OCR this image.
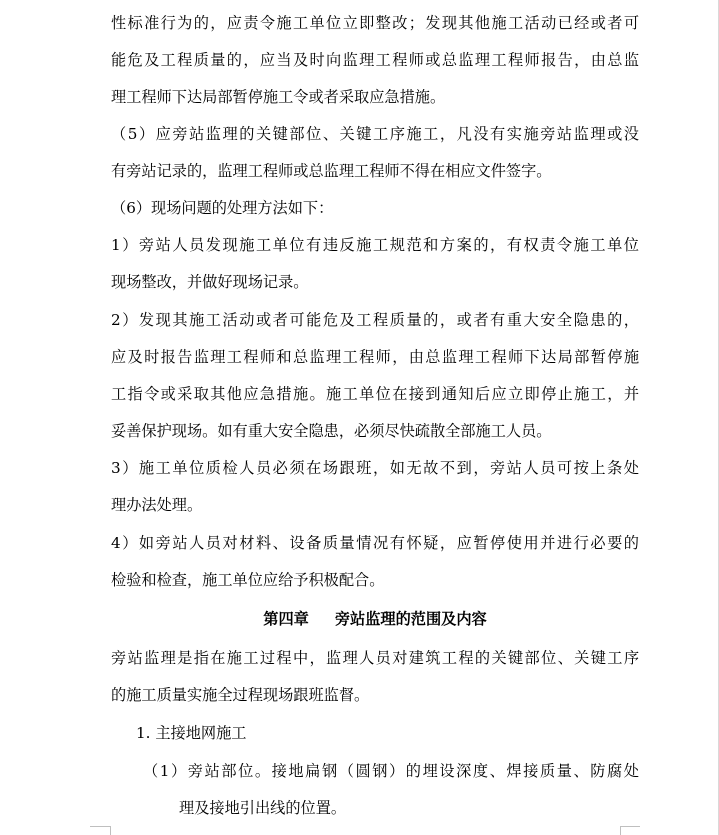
性标准行为的，应责令施工单位立即整改；发现其他施工活动已经或者可
能危及工程质量的，应当及时向监理工程师或总监理工程师报告，由总监
理工程师下达局部暂停施工令或者采取应急措施。
（5）应旁站监理的关键部位、关键工序施工，凡没有实施旁站监理或没
有旁站记录的，监理工程师或总监理工程师不得在相应文件签字。
（6）现场问题的处理方法如下：
1）旁站人员发现施工单位有违反施工规范和方案的，有权责令施工单位
现场整改，并做好现场记录。
2）发现其施工活动或者可能危及工程质量的，或者有重大安全隐患的，
应及时报告监理工程师和总监理工程师，由总监理工程师下达局部暂停施
工指令或采取其他应急措施。施工单位在接到通知后应立即停止施工，并
妥善保护现场。如有重大安全隐患，必须尽快疏散全部施工人员。
3）施工单位质检人员必须在场跟班，如无故不到，旁站人员可按上条处
理办法处理。
4）如旁站人员对材料、设备质量情况有怀疑，应暂停使用并进行必要的
检验和检查，施工单位应给予积极配合。
第四章 旁站监理的范围及内容
旁站监理是指在施工过程中，监理人员对建筑工程的关键部位、关键工序
的施工质量实施全过程现场跟班监督。
1. 主接地网施工
（1）旁站部位。接地扁钢（圆钢）的埋设深度、焊接质量、防腐处
理及接地引出线的位置。
